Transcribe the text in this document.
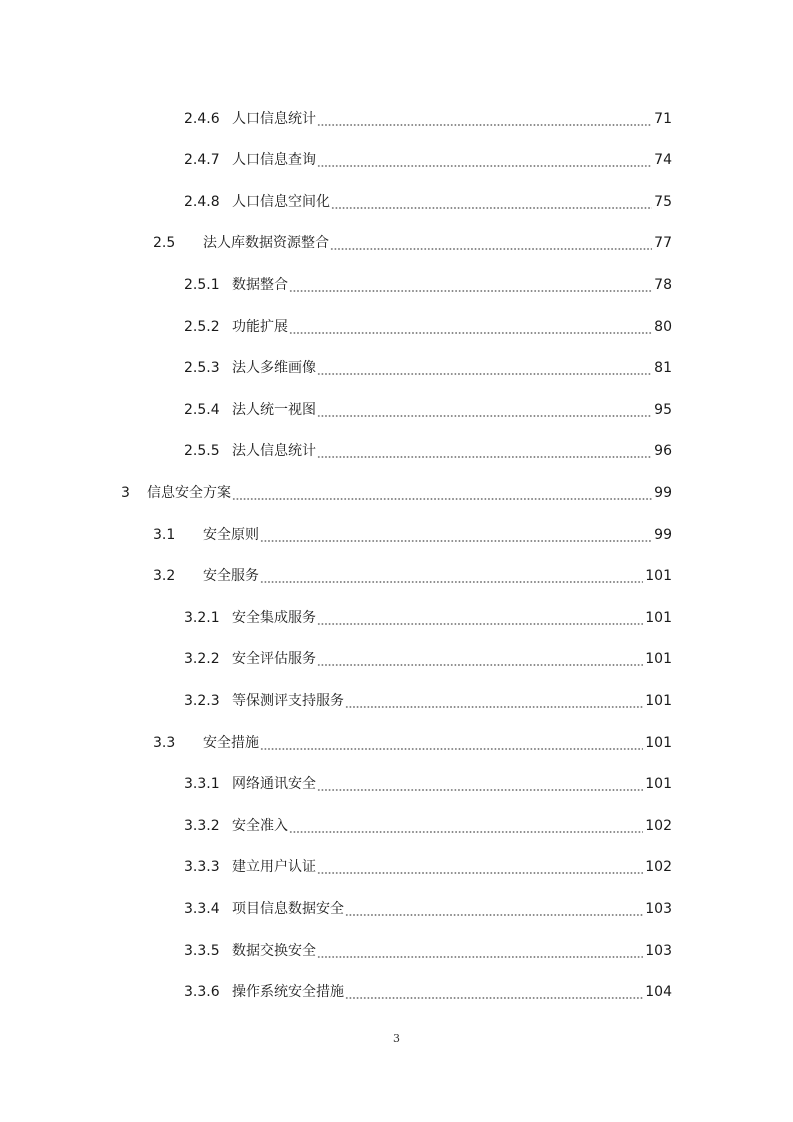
2.4.6 人口信息统计	71
2.4.7 人口信息查询	74
2.4.8 人口信息空间化	75
2.5	法人库数据资源整合	77
2.5.1 数据整合	78
2.5.2 功能扩展	80
2.5.3 法人多维画像	81
2.5.4 法人统一视图	95
2.5.5 法人信息统计	96
3	信息安全方案	99
3.1	安全原则	99
3.2	安全服务	101
3.2.1 安全集成服务	101
3.2.2 安全评估服务	101
3.2.3 等保测评支持服务	101
3.3	安全措施	101
3.3.1 网络通讯安全	101
3.3.2 安全准入	102
3.3.3 建立用户认证	102
3.3.4 项目信息数据安全	103
3.3.5 数据交换安全	103
3.3.6 操作系统安全措施	104
3
